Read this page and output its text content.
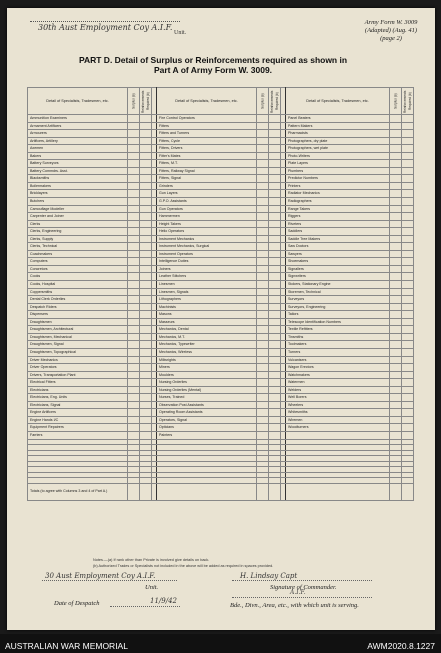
30th Aust Employment Coy A.I.F.
Unit.
Army Form W. 3009
(Adapted) (Aug. 41)
(page 2)
PART D. Detail of Surplus or Reinforcements required as shown in
Part A of Army Form W. 3009.
Detail of Specialists, Tradesmen, etc.	Surplus (a)	Reinforcements Required (b)		Detail of Specialists, Tradesmen, etc.	Surplus (a)	Reinforcements Required (b)		Detail of Specialists, Tradesmen, etc.	Surplus (a)	Reinforcements Required (b)
Ammunition Examiners				Fire Control Operators				Panel Beaters		
Armament Artificers				Fitters				Pattern Makers		
Armourers				Fitters and Turners				Pharmacists		
Artificers, Artillery				Fitters, Cycle				Photographers, dry plate		
Axemen				Fitters, Drivers				Photographers, wet plate		
Bakers				Fitter's Mates				Photo-Writers		
Battery Surveyors				Fitters, M.T.				Plate Layers		
Battery Commdrs. Asst.				Fitters, Railway Signal				Plumbers		
Blacksmiths				Fitters, Signal				Predictor Numbers		
Boilermakers				Grinders				Printers		
Bricklayers				Gun Layers				Radiator Mechanics		
Butchers				G.P.O. Assistants				Radiographers		
Camouflage Modeller				Gun Operators				Range Takers		
Carpenter and Joiner				Hammermen				Riggers		
Clerks				Height Takers				Riveters		
Clerks, Engineering				Helio Operators				Saddlers		
Clerks, Supply				Instrument Mechanics				Saddle Tree Makers		
Clerks, Technical				Instrument Mechanics, Surgical				Saw Doctors		
Coachmakers				Instrument Operators				Sawyers		
Computers				Intelligence Duties				Shoemakers		
Concretors				Joiners				Signallers		
Cooks				Leather Stitchers				Signwriters		
Cooks, Hospital				Linesmen				Stokers, Stationary Engine		
Coppersmiths				Linesmen, Signals				Storemen, Technical		
Dental Clerk Orderlies				Lithographers				Surveyors		
Despatch Riders				Machinists				Surveyors, Engineering		
Dispensers				Masons				Tailors		
Draughtsmen				Masseurs				Telescope Identification Numbers		
Draughtsmen, Architectural				Mechanics, Dental				Textile Refitters		
Draughtsmen, Mechanical				Mechanics, M.T.				Tinsmiths		
Draughtsmen, Signal				Mechanics, Typewriter				Toolmakers		
Draughtsmen, Topographical				Mechanics, Wireless				Turners		
Driver Mechanics				Millwrights				Vulcanisers		
Driver Operators				Miners				Wagon Erectors		
Drivers, Transportation Plant				Moulders				Watchmakers		
Electrical Fitters				Nursing Orderlies				Watermen		
Electricians				Nursing Orderlies (Mental)				Welders		
Electricians, Eng. Units				Nurses, Trained				Well Borers		
Electricians, Signal				Observation Post Assistants				Wheelers		
Engine Artificers				Operating Room Assistants				Whitesmiths		
Engine Hands I/C				Operators, Signal				Wiremen		
Equipment Repairers				Opticians				Woodturners		
Farriers				Painters						

Totals (to agree with Columns 3 and 4 of Part A.)										
Notes.—(a) If rank other than Private is involved give details on back.
(b) Authorized Trades or Specialists not included in the above will be added as required in spaces provided.
30 Aust Employment Coy A.I.F.	H. Lindsay Capt
Unit.	Signature of Commander.
A.I.F.
Date of Despatch	11/9/42
Bde., Divn., Area, etc., with which unit is serving.
AUSTRALIAN WAR MEMORIAL	AWM2020.8.1227
